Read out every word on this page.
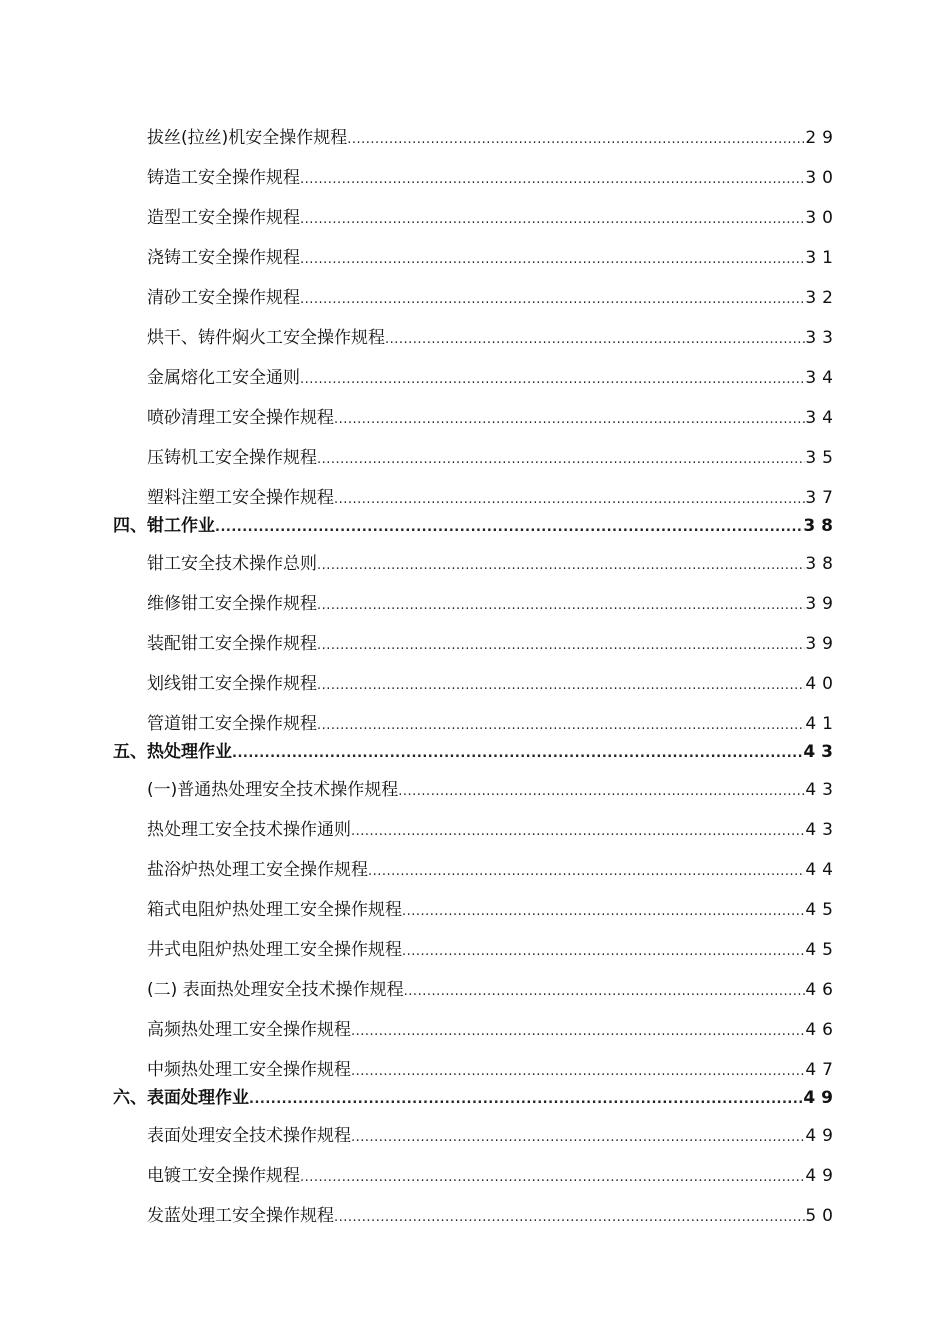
拔丝(拉丝)机安全操作规程 .....	29
铸造工安全操作规程 .....	30
造型工安全操作规程 .....	30
浇铸工安全操作规程 .....	31
清砂工安全操作规程 .....	32
烘干、铸件焖火工安全操作规程 .....	33
金属熔化工安全通则 .....	34
喷砂清理工安全操作规程 .....	34
压铸机工安全操作规程 .....	35
塑料注塑工安全操作规程 .....	37
四、钳工作业 .....	38
钳工安全技术操作总则 .....	38
维修钳工安全操作规程 .....	39
装配钳工安全操作规程 .....	39
划线钳工安全操作规程 .....	40
管道钳工安全操作规程 .....	41
五、热处理作业 .....	43
(一)普通热处理安全技术操作规程 .....	43
热处理工安全技术操作通则 .....	43
盐浴炉热处理工安全操作规程 .....	44
箱式电阻炉热处理工安全操作规程 .....	45
井式电阻炉热处理工安全操作规程 .....	45
(二) 表面热处理安全技术操作规程 .....	46
高频热处理工安全操作规程 .....	46
中频热处理工安全操作规程 .....	47
六、表面处理作业 .....	49
表面处理安全技术操作规程 .....	49
电镀工安全操作规程 .....	49
发蓝处理工安全操作规程 .....	50
